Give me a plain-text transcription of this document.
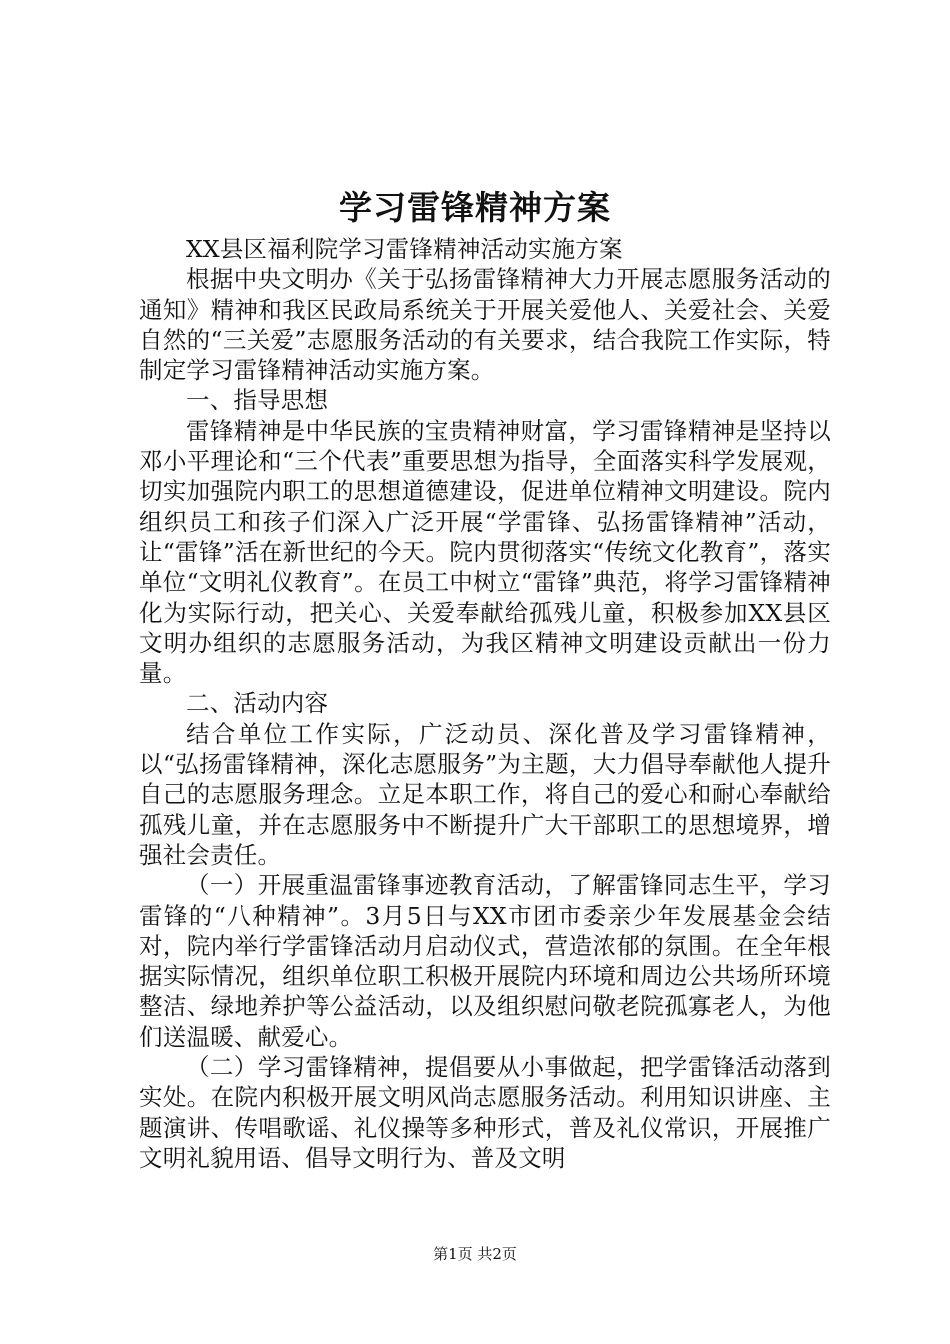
学习雷锋精神方案

XX县区福利院学习雷锋精神活动实施方案

根据中央文明办《关于弘扬雷锋精神大力开展志愿服务活动的通知》精神和我区民政局系统关于开展关爱他人、关爱社会、关爱自然的“三关爱”志愿服务活动的有关要求，结合我院工作实际，特制定学习雷锋精神活动实施方案。

一、指导思想

雷锋精神是中华民族的宝贵精神财富，学习雷锋精神是坚持以邓小平理论和“三个代表”重要思想为指导，全面落实科学发展观，切实加强院内职工的思想道德建设，促进单位精神文明建设。院内组织员工和孩子们深入广泛开展“学雷锋、弘扬雷锋精神”活动，让“雷锋”活在新世纪的今天。院内贯彻落实“传统文化教育”，落实单位“文明礼仪教育”。在员工中树立“雷锋”典范，将学习雷锋精神化为实际行动，把关心、关爱奉献给孤残儿童，积极参加XX县区文明办组织的志愿服务活动，为我区精神文明建设贡献出一份力量。

二、活动内容

结合单位工作实际，广泛动员、深化普及学习雷锋精神，以“弘扬雷锋精神，深化志愿服务”为主题，大力倡导奉献他人提升自己的志愿服务理念。立足本职工作，将自己的爱心和耐心奉献给孤残儿童，并在志愿服务中不断提升广大干部职工的思想境界，增强社会责任。

（一）开展重温雷锋事迹教育活动，了解雷锋同志生平，学习雷锋的“八种精神”。3月5日与XX市团市委亲少年发展基金会结对，院内举行学雷锋活动月启动仪式，营造浓郁的氛围。在全年根据实际情况，组织单位职工积极开展院内环境和周边公共场所环境整洁、绿地养护等公益活动，以及组织慰问敬老院孤寡老人，为他们送温暖、献爱心。

（二）学习雷锋精神，提倡要从小事做起，把学雷锋活动落到实处。在院内积极开展文明风尚志愿服务活动。利用知识讲座、主题演讲、传唱歌谣、礼仪操等多种形式，普及礼仪常识，开展推广文明礼貌用语、倡导文明行为、普及文明

第1页 共2页
